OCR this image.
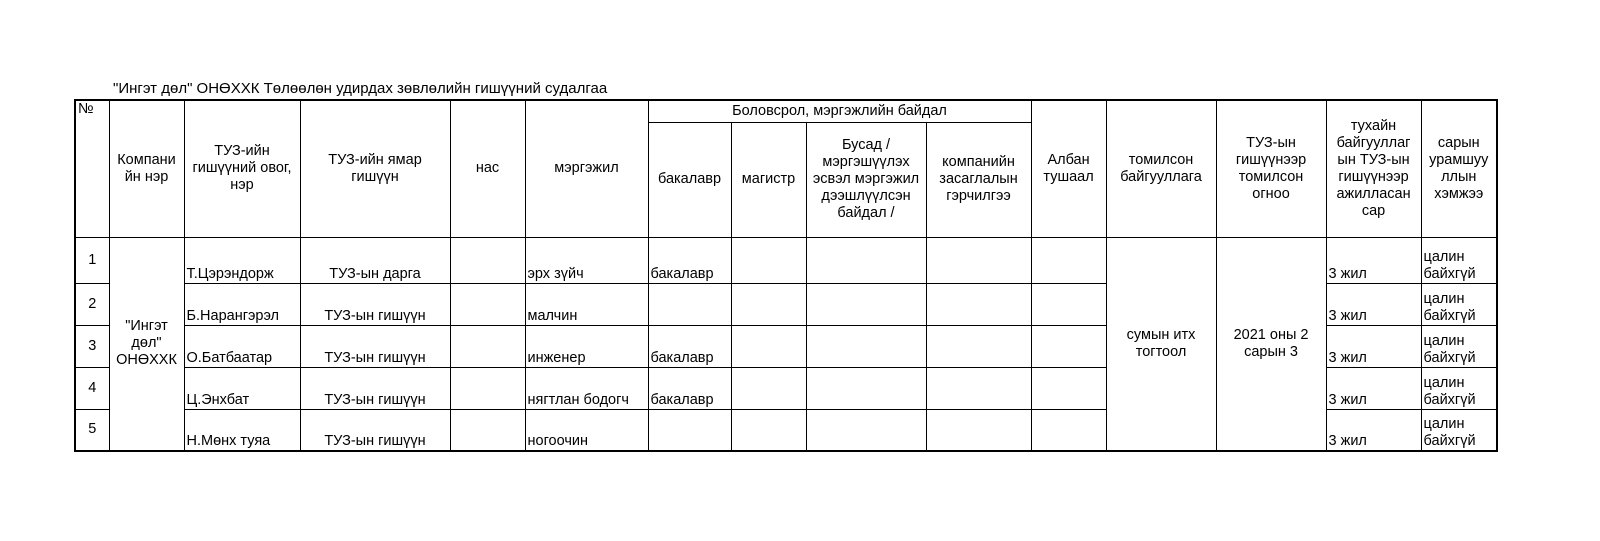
"Ингэт дөл" ОНӨХХК Төлөөлөн удирдах зөвлөлийн гишүүний судалгаа
№	Компани йн нэр	ТУЗ-ийн гишүүний овог, нэр	ТУЗ-ийн ямар гишүүн	нас	мэргэжил	Боловсрол, мэргэжлийн байдал				Албан тушаал	томилсон байгууллага	ТУЗ-ын гишүүнээр томилсон огноо	тухайн байгууллаг ын ТУЗ-ын гишүүнээр ажилласан сар	сарын урамшуу ллын хэмжээ
						бакалавр	магистр	Бусад /мэргэшүүлэх эсвэл мэргэжил дээшлүүлсэн байдал /	компанийн засаглалын гэрчилгээ					
1	"Ингэт дөл" ОНӨХХК	Т.Цэрэндорж	ТУЗ-ын дарга		эрх зүйч	бакалавр					сумын итх тогтоол	2021 оны 2 сарын 3	3 жил	цалин байхгүй
2		Б.Нарангэрэл	ТУЗ-ын гишүүн		малчин								3 жил	цалин байхгүй
3		О.Батбаатар	ТУЗ-ын гишүүн		инженер	бакалавр							3 жил	цалин байхгүй
4		Ц.Энхбат	ТУЗ-ын гишүүн		нягтлан бодогч	бакалавр							3 жил	цалин байхгүй
5		Н.Мөнх туяа	ТУЗ-ын гишүүн		ногоочин								3 жил	цалин байхгүй
